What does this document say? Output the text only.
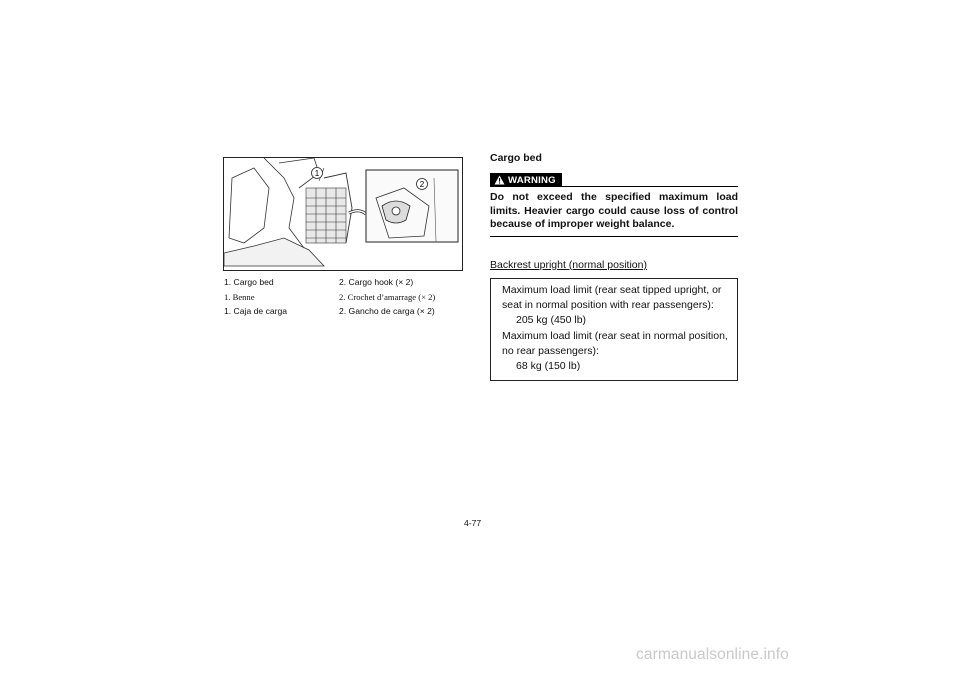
1
2
1. Cargo bed	2. Cargo hook (× 2)
1. Benne	2. Crochet d’amarrage (× 2)
1. Caja de carga	2. Gancho de carga (× 2)
Cargo bed
WARNING
Do not exceed the specified maximum load limits. Heavier cargo could cause loss of control because of improper weight balance.
Backrest upright (normal position)
Maximum load limit (rear seat tipped upright, or seat in normal position with rear passengers):
205 kg (450 lb)
Maximum load limit (rear seat in normal position, no rear passengers):
68 kg (150 lb)
4-77
carmanualsonline.info
